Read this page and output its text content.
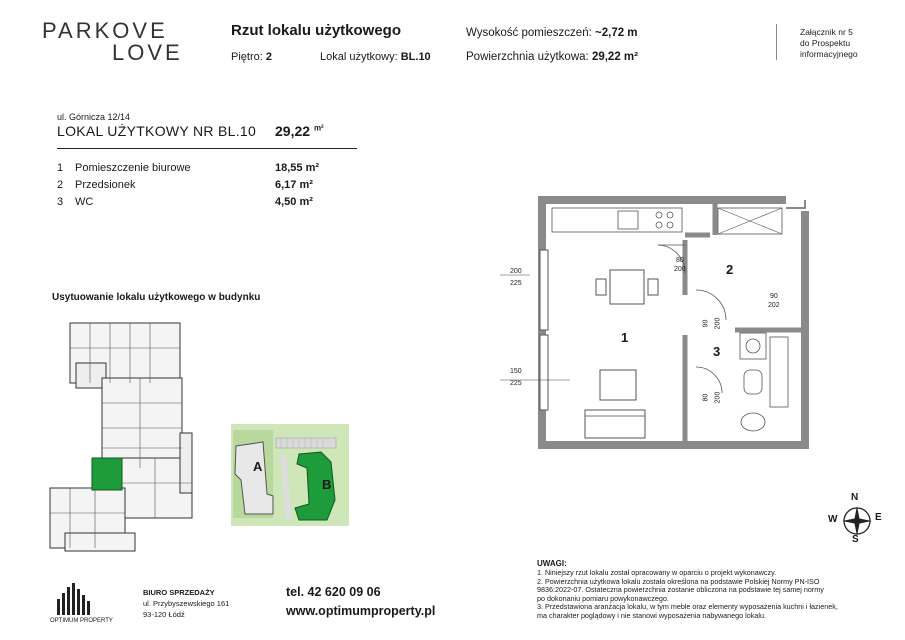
PARKOVE
LOVE
Rzut lokalu użytkowego
Piętro: 2	Lokal użytkowy: BL.10
Wysokość pomieszczeń: ~2,72 m
Powierzchnia użytkowa: 29,22 m²
Załącznik nr 5
do Prospektu
informacyjnego
ul. Górnicza 12/14
LOKAL UŻYTKOWY NR BL.10 29,22 $^{m^2}$
1 Pomieszczenie biurowe	18,55 m²
2 Przedsionek	6,17 m²
3 WC	4,50 m²
Usytuowanie lokalu użytkowego w budynku
A
B
1
2
3
200
225
150
225
80
200
90
202
90 200
80 200
N
S
E
W
UWAGI:
1. Niniejszy rzut lokalu został opracowany w oparciu o projekt wykonawczy.
2. Powierzchnia użytkowa lokalu została określona na podstawie Polskiej Normy PN-ISO
9836:2022-07. Ostateczna powierzchnia zostanie obliczona na podstawie tej samej normy
po dokonaniu pomiaru powykonawczego.
3. Przedstawiona aranżacja lokalu, w tym meble oraz elementy wyposażenia kuchni i łazienek,
ma charakter poglądowy i nie stanowi wyposażenia nabywanego lokalu.
OPTIMUM PROPERTY
BIURO SPRZEDAŻY
ul. Przybyszewskiego 161
93-120 Łódź
tel. 42 620 09 06
www.optimumproperty.pl
